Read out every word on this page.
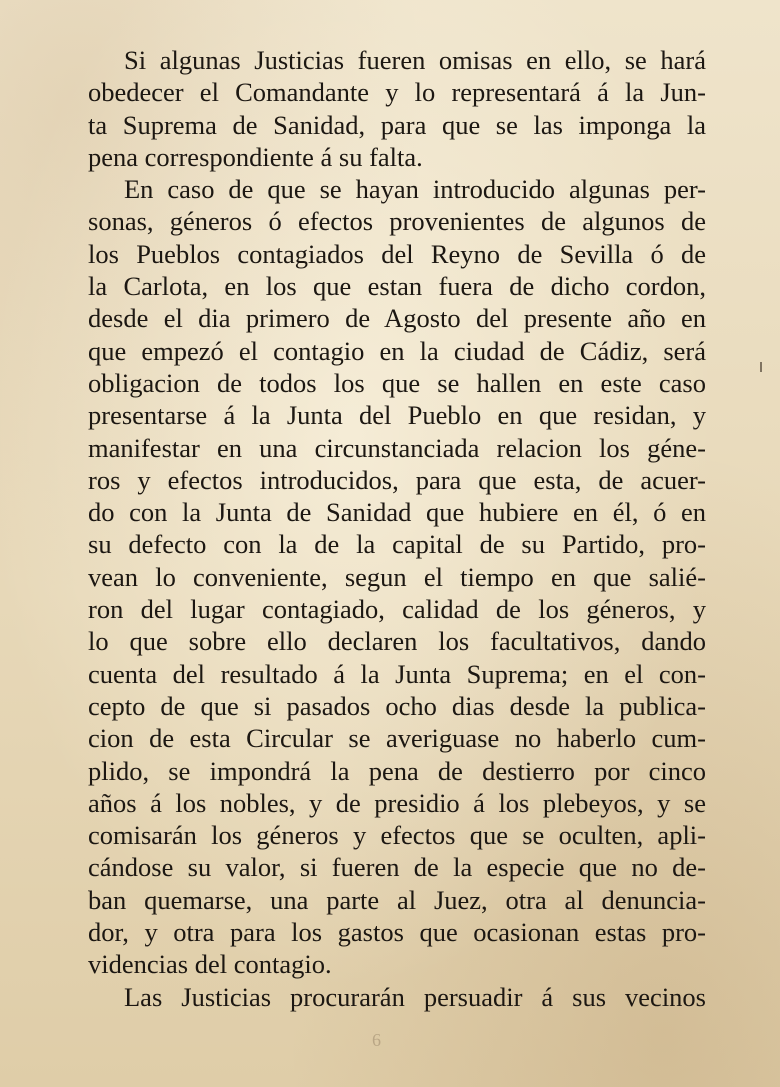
Si algunas Justicias fueren omisas en ello, se hará
obedecer el Comandante y lo representará á la Jun-
ta Suprema de Sanidad, para que se las imponga la
pena correspondiente á su falta.
En caso de que se hayan introducido algunas per-
sonas, géneros ó efectos provenientes de algunos de
los Pueblos contagiados del Reyno de Sevilla ó de
la Carlota, en los que estan fuera de dicho cordon,
desde el dia primero de Agosto del presente año en
que empezó el contagio en la ciudad de Cádiz, será
obligacion de todos los que se hallen en este caso
presentarse á la Junta del Pueblo en que residan, y
manifestar en una circunstanciada relacion los géne-
ros y efectos introducidos, para que esta, de acuer-
do con la Junta de Sanidad que hubiere en él, ó en
su defecto con la de la capital de su Partido, pro-
vean lo conveniente, segun el tiempo en que salié-
ron del lugar contagiado, calidad de los géneros, y
lo que sobre ello declaren los facultativos, dando
cuenta del resultado á la Junta Suprema; en el con-
cepto de que si pasados ocho dias desde la publica-
cion de esta Circular se averiguase no haberlo cum-
plido, se impondrá la pena de destierro por cinco
años á los nobles, y de presidio á los plebeyos, y se
comisarán los géneros y efectos que se oculten, apli-
cándose su valor, si fueren de la especie que no de-
ban quemarse, una parte al Juez, otra al denuncia-
dor, y otra para los gastos que ocasionan estas pro-
videncias del contagio.
Las Justicias procurarán persuadir á sus vecinos
6
